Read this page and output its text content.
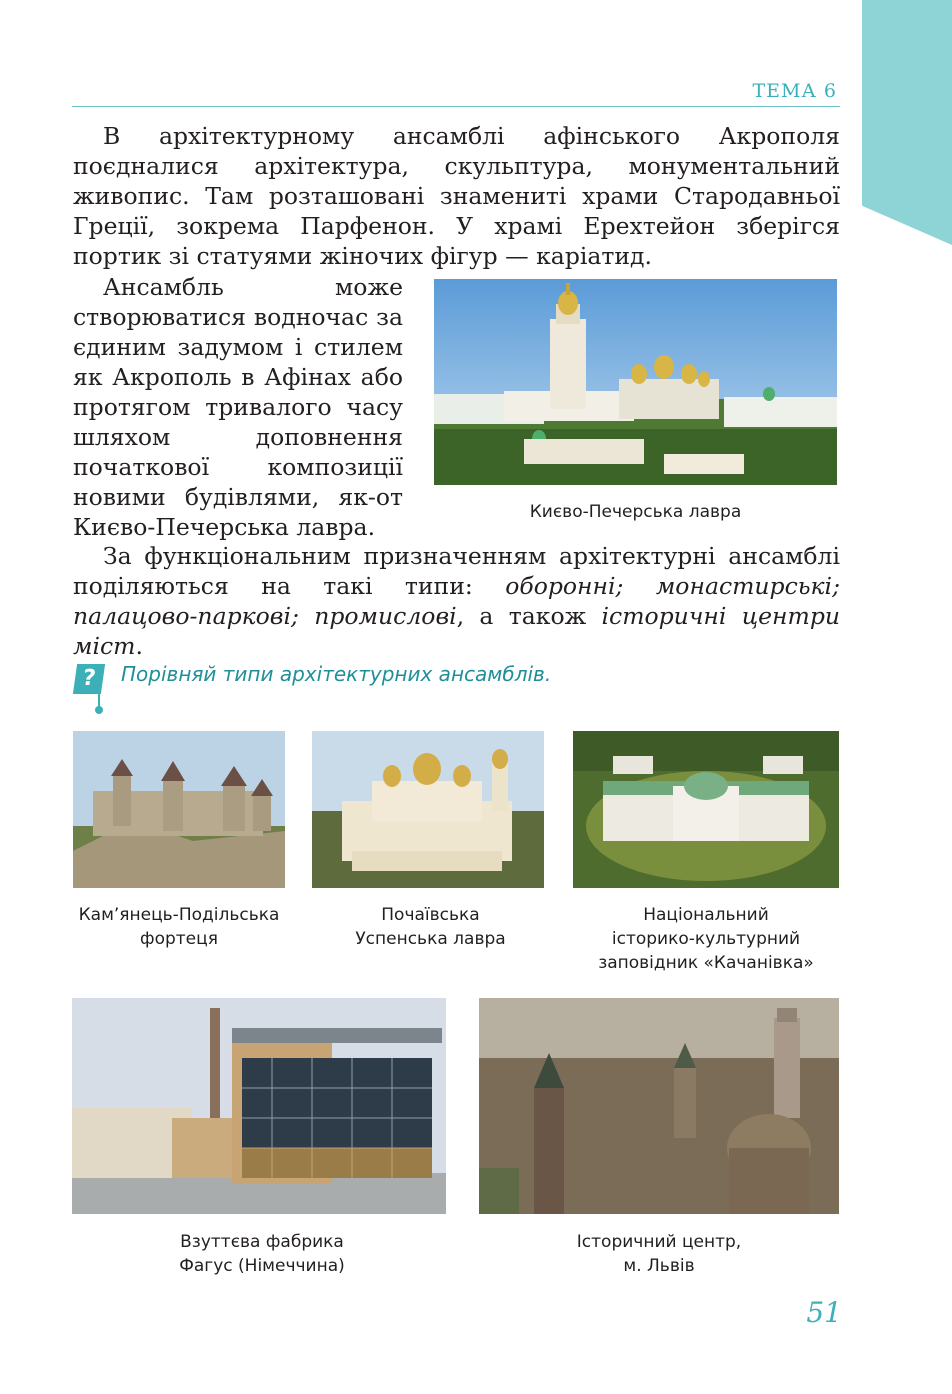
ТЕМА 6

В архітектурному ансамблі афінського Акрополя поєдналися архітектура, скульптура, монументальний живопис. Там розташовані знамениті храми Стародавньої Греції, зокрема Парфенон. У храмі Ерехтейон зберігся портик зі статуями жіночих фігур — каріатид.

Ансамбль може створюватися водночас за єдиним задумом і стилем як Акрополь в Афінах або протягом тривалого часу шляхом доповнення початкової композиції новими будівлями, як-от Києво-Печерська лавра.

За функціональним призначенням архітектурні ансамблі поділяються на такі типи: оборонні; монастирські; палацово-паркові; промислові, а також історичні центри міст.

Києво-Печерська лавра
?	Порівняй типи архітектурних ансамблів.
Кам’янець-Подільська
фортеця
Почаївська
Успенська лавра
Національний
історико-культурний
заповідник «Качанівка»
Взуттєва фабрика
Фагус (Німеччина)
Історичний центр,
м. Львів
51
